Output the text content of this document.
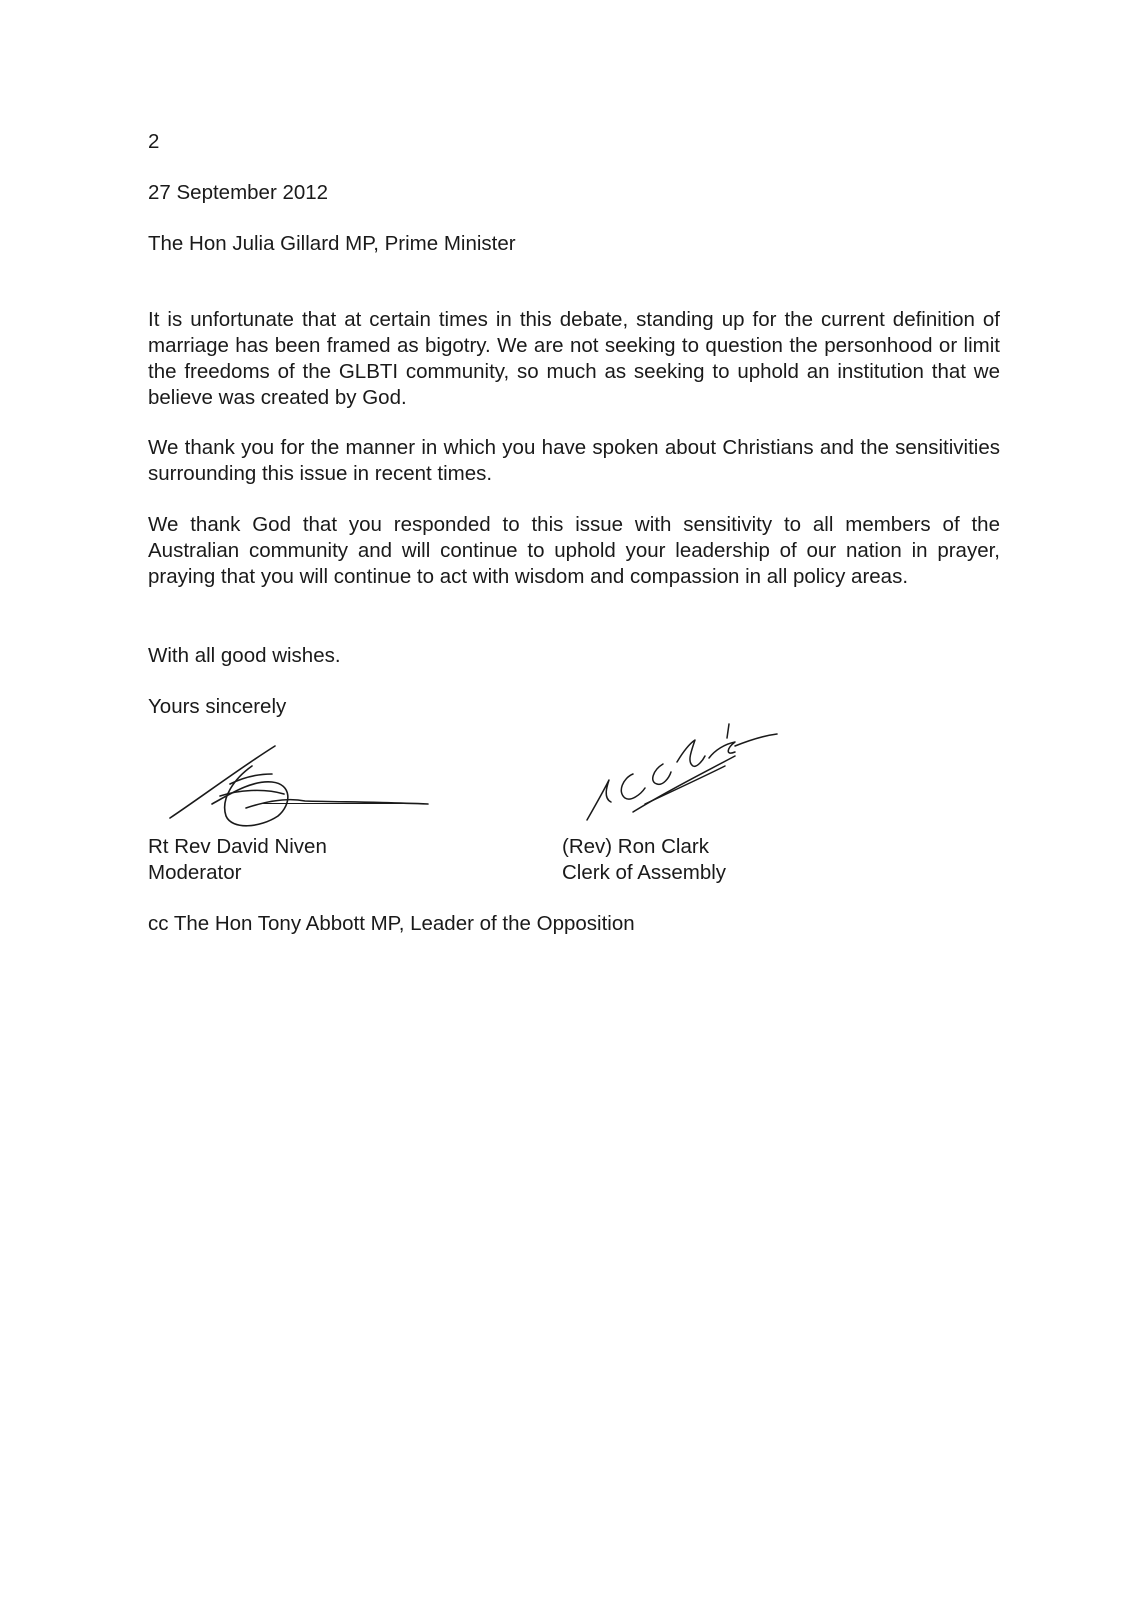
2
27 September 2012
The Hon Julia Gillard MP, Prime Minister
It is unfortunate that at certain times in this debate, standing up for the current definition of marriage has been framed as bigotry. We are not seeking to question the personhood or limit the freedoms of the GLBTI community, so much as seeking to uphold an institution that we believe was created by God.
We thank you for the manner in which you have spoken about Christians and the sensitivities surrounding this issue in recent times.
We thank God that you responded to this issue with sensitivity to all members of the Australian community and will continue to uphold your leadership of our nation in prayer, praying that you will continue to act with wisdom and compassion in all policy areas.
With all good wishes.
Yours sincerely
Rt Rev David Niven
Moderator
(Rev) Ron Clark
Clerk of Assembly
cc The Hon Tony Abbott MP, Leader of the Opposition
